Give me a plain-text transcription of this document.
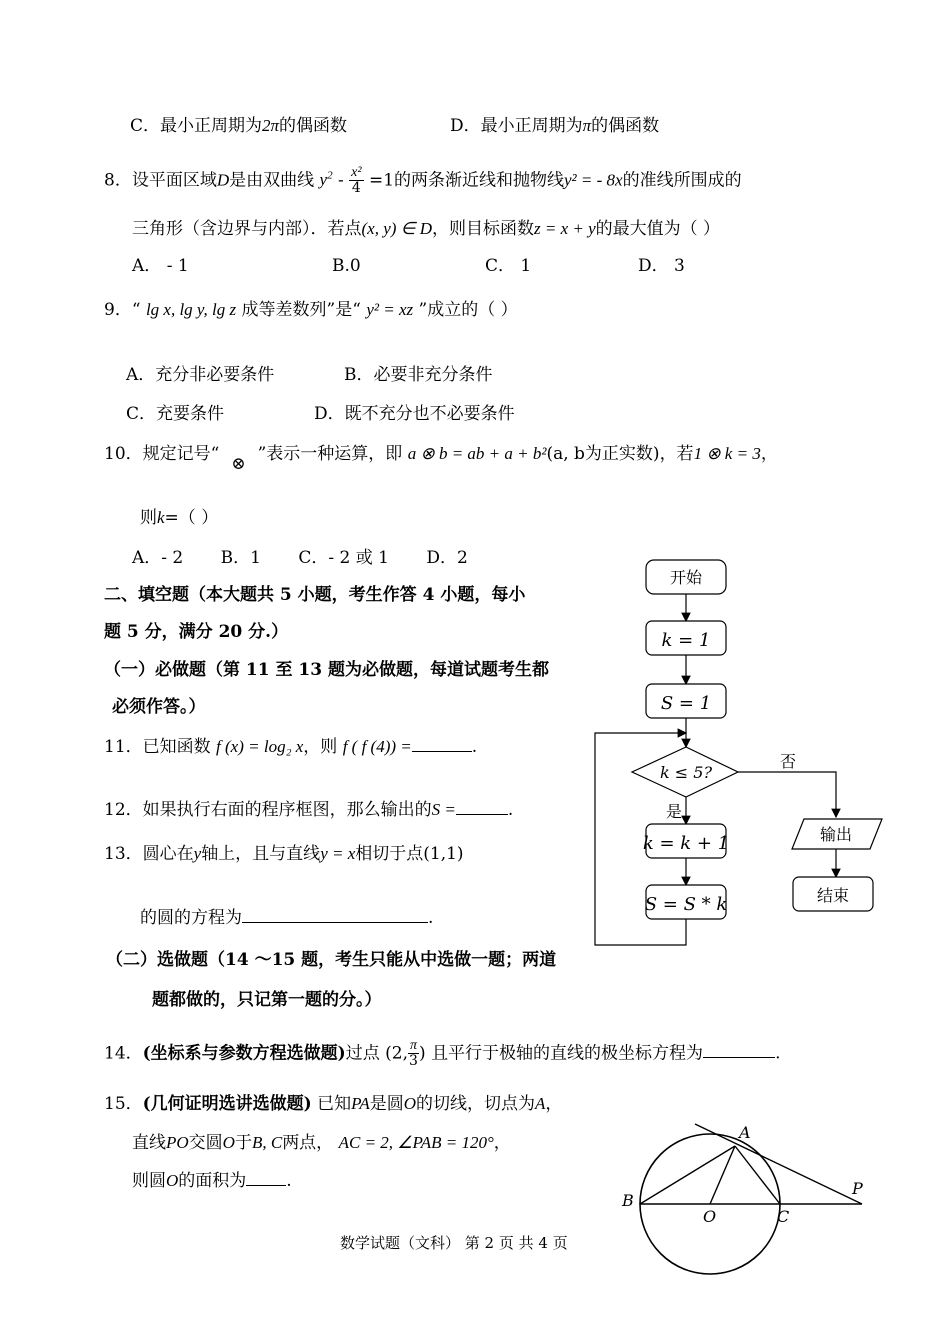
C．最小正周期为2π的偶函数	D．最小正周期为π的偶函数
8．设平面区域D是由双曲线 $y^2 - \frac{\text{x²}}{4} =1$的两条渐近线和抛物线y² = - 8x的准线所围成的
三角形（含边界与内部）．若点(x, y) ∈ D，则目标函数z = x + y的最大值为（ ）
A． - 1	B.0	C． 1	D． 3
9．“ lg x, lg y, lg z 成等差数列”是“ y² = xz ”成立的（ ）
A．充分非必要条件	B．必要非充分条件
C．充要条件	D．既不充分也不必要条件
10．规定记号“ ⊗ ”表示一种运算，即 a ⊗ b = ab + a + b²(a, b为正实数)，若1 ⊗ k = 3，
则k=（ ）
A．- 2 B．1 C．- 2 或 1 D．2
二、填空题（本大题共 5 小题，考生作答 4 小题，每小
题 5 分，满分 20 分.）
（一）必做题（第 11 至 13 题为必做题，每道试题考生都
必须作答。）
11．已知函数 f (x) = log₂ x，则 f ( f (4)) =	.
12．如果执行右面的程序框图，那么输出的S =	.
13．圆心在y轴上，且与直线y = x相切于点(1,1)
的圆的方程为	.
（二）选做题（14 ～15 题，考生只能从中选做一题；两道
题都做的，只记第一题的分。）
14．(坐标系与参数方程选做题)过点 (2, $\frac{\pi}{3}$ ) 且平行于极轴的直线的极坐标方程为	.
15．(几何证明选讲选做题) 已知PA是圆O的切线，切点为A，
直线PO交圆O于B, C两点， AC = 2, ∠PAB = 120°，
则圆O的面积为 .
开始
k = 1
S = 1
k ≤ 5?
否
输出
结束
是
k = k + 1
S = S * k
A
B
O	C
P
数学试题（文科） 第 2 页 共 4 页
